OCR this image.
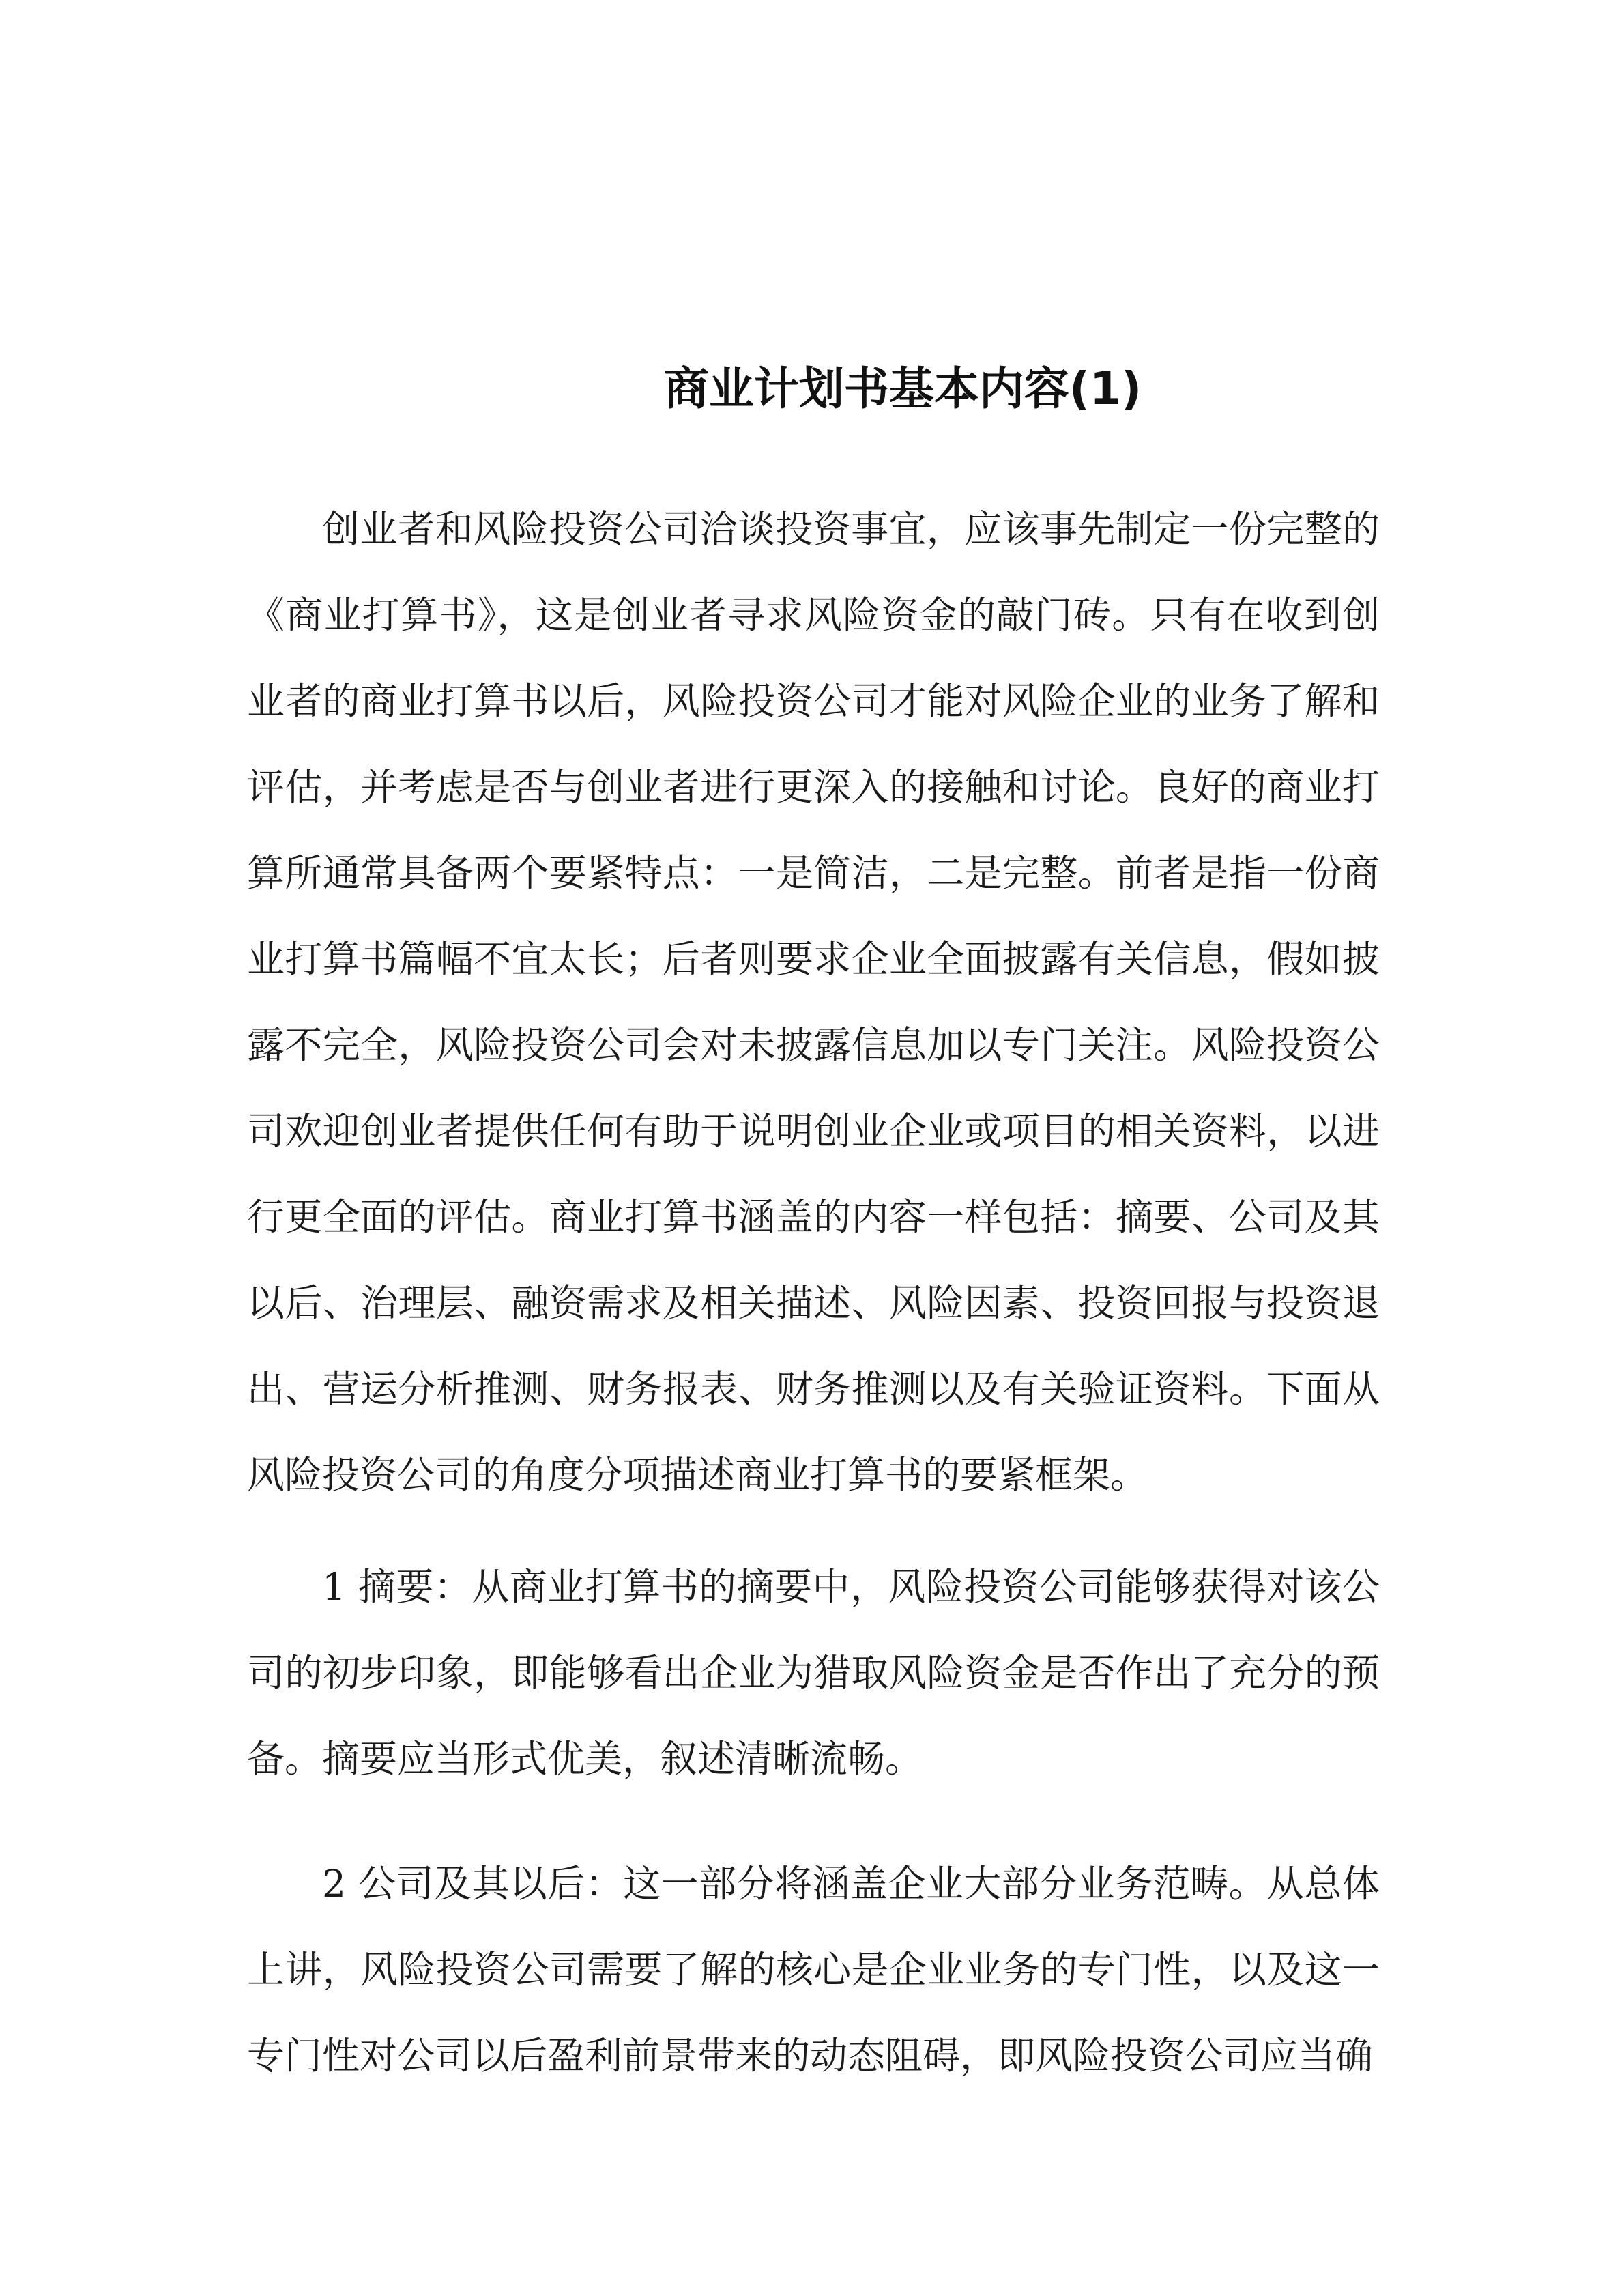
商业计划书基本内容(1)

创业者和风险投资公司洽谈投资事宜，应该事先制定一份完整的《商业打算书》，这是创业者寻求风险资金的敲门砖。只有在收到创业者的商业打算书以后，风险投资公司才能对风险企业的业务了解和评估，并考虑是否与创业者进行更深入的接触和讨论。良好的商业打算所通常具备两个要紧特点：一是简洁，二是完整。前者是指一份商业打算书篇幅不宜太长；后者则要求企业全面披露有关信息，假如披露不完全，风险投资公司会对未披露信息加以专门关注。风险投资公司欢迎创业者提供任何有助于说明创业企业或项目的相关资料，以进行更全面的评估。商业打算书涵盖的内容一样包括：摘要、公司及其以后、治理层、融资需求及相关描述、风险因素、投资回报与投资退出、营运分析推测、财务报表、财务推测以及有关验证资料。下面从风险投资公司的角度分项描述商业打算书的要紧框架。

1 摘要：从商业打算书的摘要中，风险投资公司能够获得对该公司的初步印象，即能够看出企业为猎取风险资金是否作出了充分的预备。摘要应当形式优美，叙述清晰流畅。

2 公司及其以后：这一部分将涵盖企业大部分业务范畴。从总体上讲，风险投资公司需要了解的核心是企业业务的专门性，以及这一专门性对公司以后盈利前景带来的动态阻碍，即风险投资公司应当确
